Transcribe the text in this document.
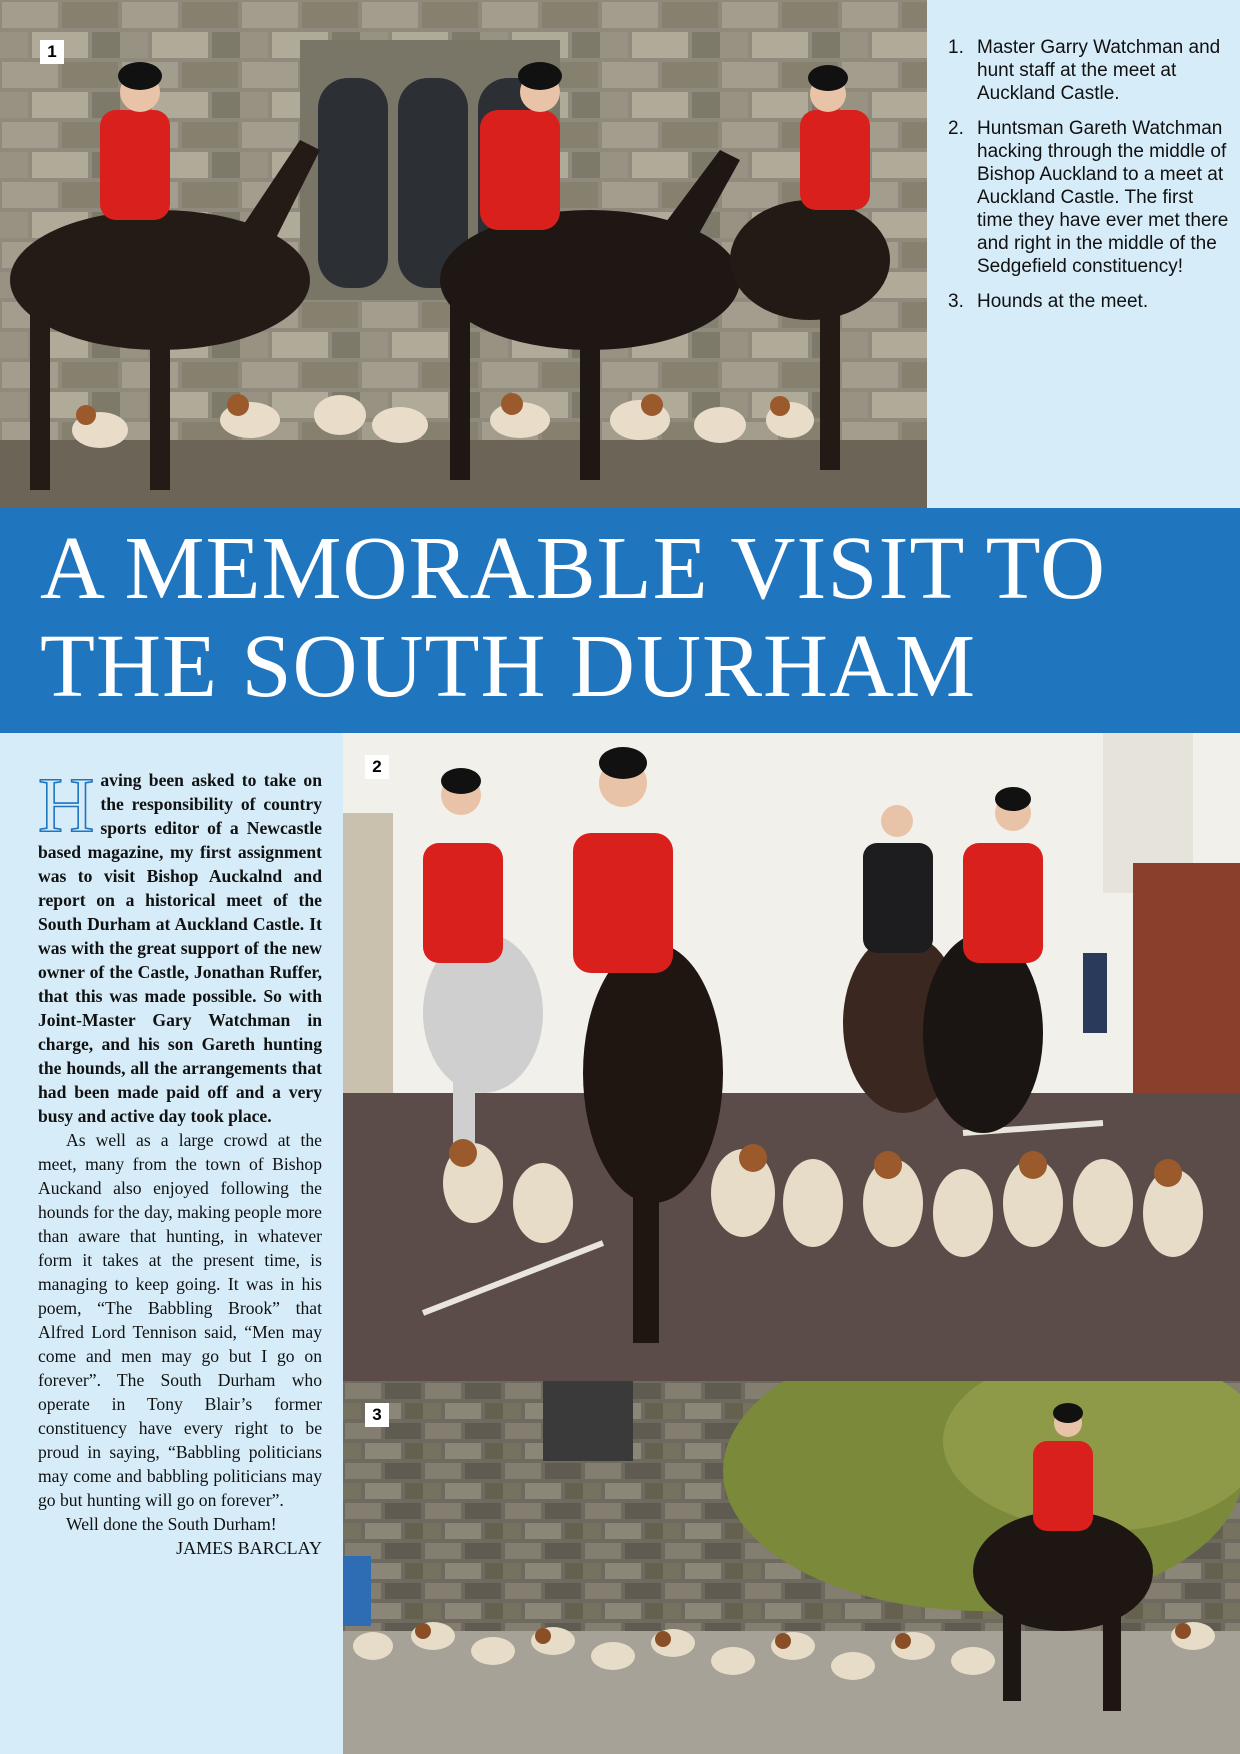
1	1. Master Garry Watchman and hunt staff at the meet at Auckland Castle.
2. Huntsman Gareth Watchman hacking through the middle of Bishop Auckland to a meet at Auckland Castle. The first time they have ever met there and right in the middle of the Sedgefield constituency!
3. Hounds at the meet.
A MEMORABLE VISIT TO
THE SOUTH DURHAM

Having been asked to take on the responsibility of country sports editor of a Newcastle based magazine, my first assignment was to visit Bishop Auckalnd and report on a historical meet of the South Durham at Auckland Castle. It was with the great support of the new owner of the Castle, Jonathan Ruffer, that this was made possible. So with Joint-Master Gary Watchman in charge, and his son Gareth hunting the hounds, all the arrangements that had been made paid off and a very busy and active day took place.

As well as a large crowd at the meet, many from the town of Bishop Auckand also enjoyed following the hounds for the day, making people more than aware that hunting, in whatever form it takes at the present time, is managing to keep going. It was in his poem, “The Babbling Brook” that Alfred Lord Tennison said, “Men may come and men may go but I go on forever”. The South Durham who operate in Tony Blair’s former constituency have every right to be proud in saying, “Babbling politicians may come and babbling politicians may go but hunting will go on forever”.

Well done the South Durham!

JAMES BARCLAY

2
3
